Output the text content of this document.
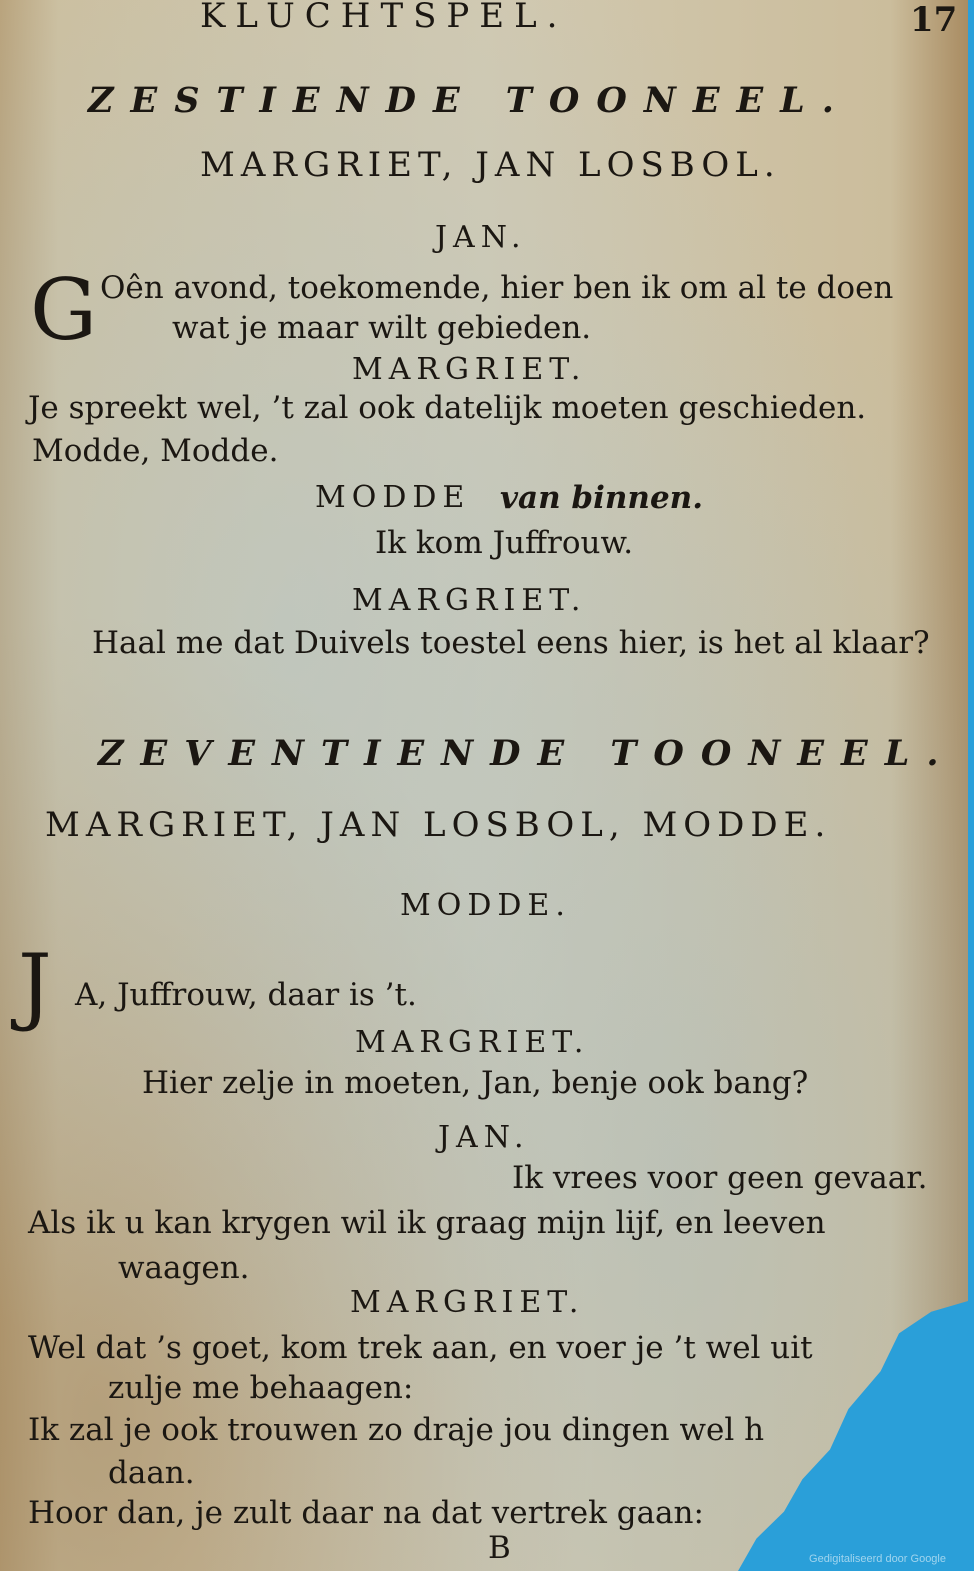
KLUCHTSPEL.	17
ZESTIENDE TOONEEL.
MARGRIET, JAN LOSBOL.
JAN.
G Oên avond, toekomende, hier ben ik om al te doen
wat je maar wilt gebieden.
MARGRIET.
Je spreekt wel, ’t zal ook datelijk moeten geschieden.
Modde, Modde.
MODDE van binnen.
Ik kom Juffrouw.
MARGRIET.
Haal me dat Duivels toestel eens hier, is het al klaar?
ZEVENTIENDE TOONEEL.
MARGRIET, JAN LOSBOL, MODDE.
MODDE.
J A, Juffrouw, daar is ’t.
MARGRIET.
Hier zelje in moeten, Jan, benje ook bang?
JAN.
Ik vrees voor geen gevaar.
Als ik u kan krygen wil ik graag mijn lijf, en leeven
waagen.
MARGRIET.
Wel dat ’s goet, kom trek aan, en voer je ’t wel uit
zulje me behaagen:
Ik zal je ook trouwen zo draje jou dingen wel h
daan.
Hoor dan, je zult daar na dat vertrek gaan:
B	Gedigitaliseerd door Google
